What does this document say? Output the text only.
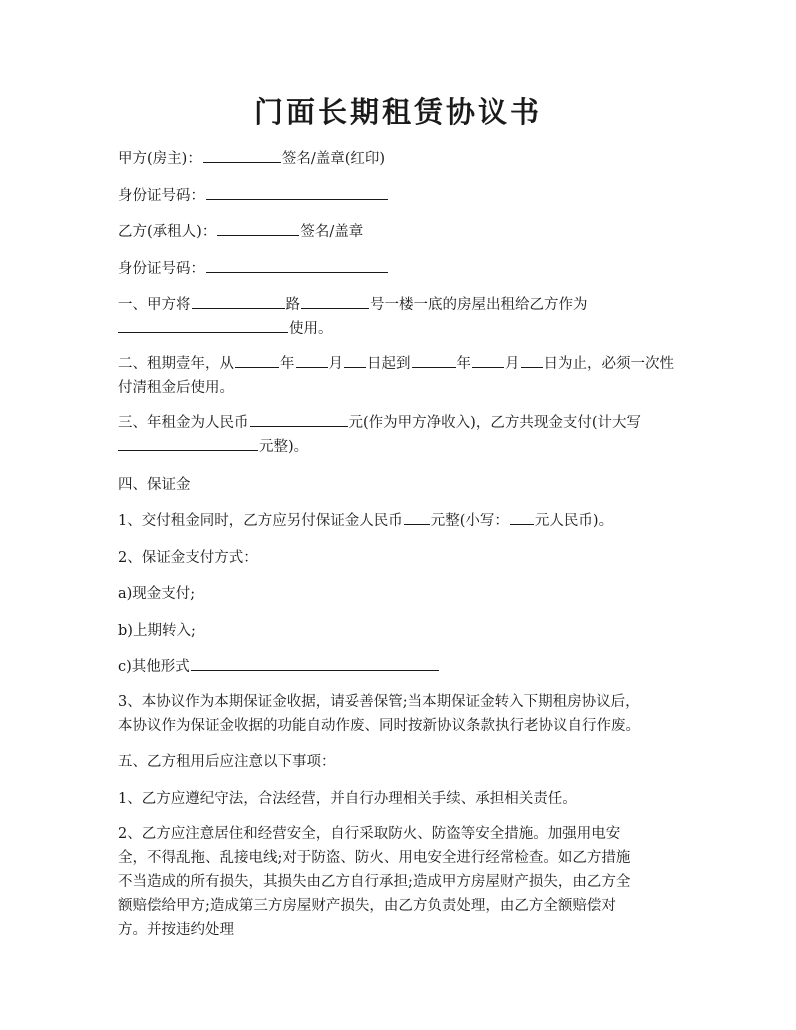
门面长期租赁协议书
甲方(房主)：	签名/盖章(红印)
身份证号码：
乙方(承租人)：	签名/盖章
身份证号码：
一、甲方将	路	号一楼一底的房屋出租给乙方作为
使用。
二、租期壹年，从	年 月 日起到	年 月 日为止，必须一次性
付清租金后使用。
三、年租金为人民币	元(作为甲方净收入)，乙方共现金支付(计大写
元整)。
四、保证金
1、交付租金同时，乙方应另付保证金人民币 元整(小写： 元人民币)。
2、保证金支付方式：
a)现金支付;
b)上期转入;
c)其他形式
3、本协议作为本期保证金收据，请妥善保管;当本期保证金转入下期租房协议后，
本协议作为保证金收据的功能自动作废、同时按新协议条款执行老协议自行作废。
五、乙方租用后应注意以下事项：
1、乙方应遵纪守法，合法经营，并自行办理相关手续、承担相关责任。
2、乙方应注意居住和经营安全，自行采取防火、防盗等安全措施。加强用电安
全，不得乱拖、乱接电线;对于防盗、防火、用电安全进行经常检查。如乙方措施
不当造成的所有损失，其损失由乙方自行承担;造成甲方房屋财产损失，由乙方全
额赔偿给甲方;造成第三方房屋财产损失，由乙方负责处理，由乙方全额赔偿对
方。并按违约处理
